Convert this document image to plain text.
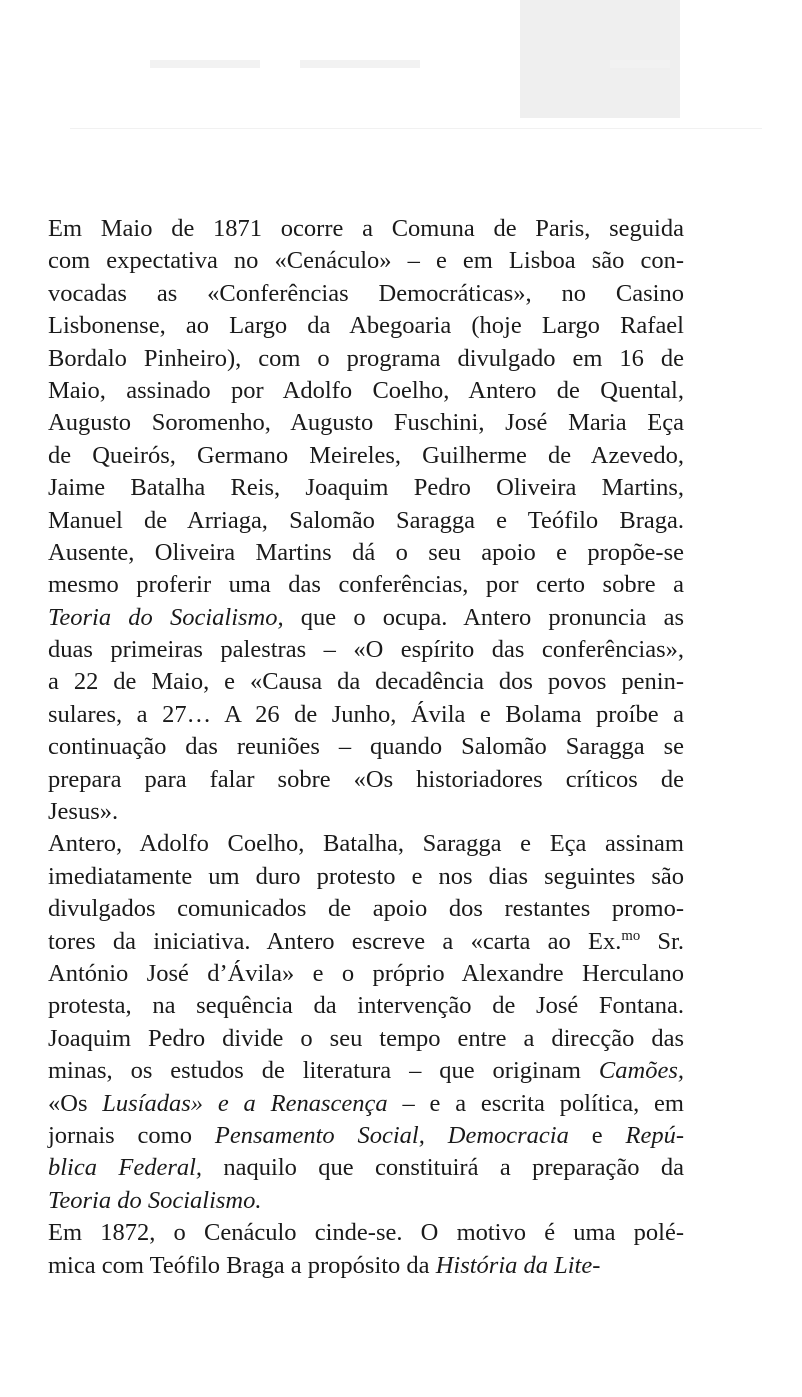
Em Maio de 1871 ocorre a Comuna de Paris, seguida
com expectativa no «Cenáculo» – e em Lisboa são con-
vocadas as «Conferências Democráticas», no Casino
Lisbonense, ao Largo da Abegoaria (hoje Largo Rafael
Bordalo Pinheiro), com o programa divulgado em 16 de
Maio, assinado por Adolfo Coelho, Antero de Quental,
Augusto Soromenho, Augusto Fuschini, José Maria Eça
de Queirós, Germano Meireles, Guilherme de Azevedo,
Jaime Batalha Reis, Joaquim Pedro Oliveira Martins,
Manuel de Arriaga, Salomão Saragga e Teófilo Braga.
Ausente, Oliveira Martins dá o seu apoio e propõe-se
mesmo proferir uma das conferências, por certo sobre a
Teoria do Socialismo, que o ocupa. Antero pronuncia as
duas primeiras palestras – «O espírito das conferências»,
a 22 de Maio, e «Causa da decadência dos povos penin-
sulares, a 27… A 26 de Junho, Ávila e Bolama proíbe a
continuação das reuniões – quando Salomão Saragga se
prepara para falar sobre «Os historiadores críticos de
Jesus».
Antero, Adolfo Coelho, Batalha, Saragga e Eça assinam
imediatamente um duro protesto e nos dias seguintes são
divulgados comunicados de apoio dos restantes promo-
tores da iniciativa. Antero escreve a «carta ao Ex.$^{mo}$ Sr.
António José d’Ávila» e o próprio Alexandre Herculano
protesta, na sequência da intervenção de José Fontana.
Joaquim Pedro divide o seu tempo entre a direcção das
minas, os estudos de literatura – que originam Camões,
«Os Lusíadas» e a Renascença – e a escrita política, em
jornais como Pensamento Social, Democracia e Repú-
blica Federal, naquilo que constituirá a preparação da
Teoria do Socialismo.
Em 1872, o Cenáculo cinde-se. O motivo é uma polé-
mica com Teófilo Braga a propósito da História da Lite-
